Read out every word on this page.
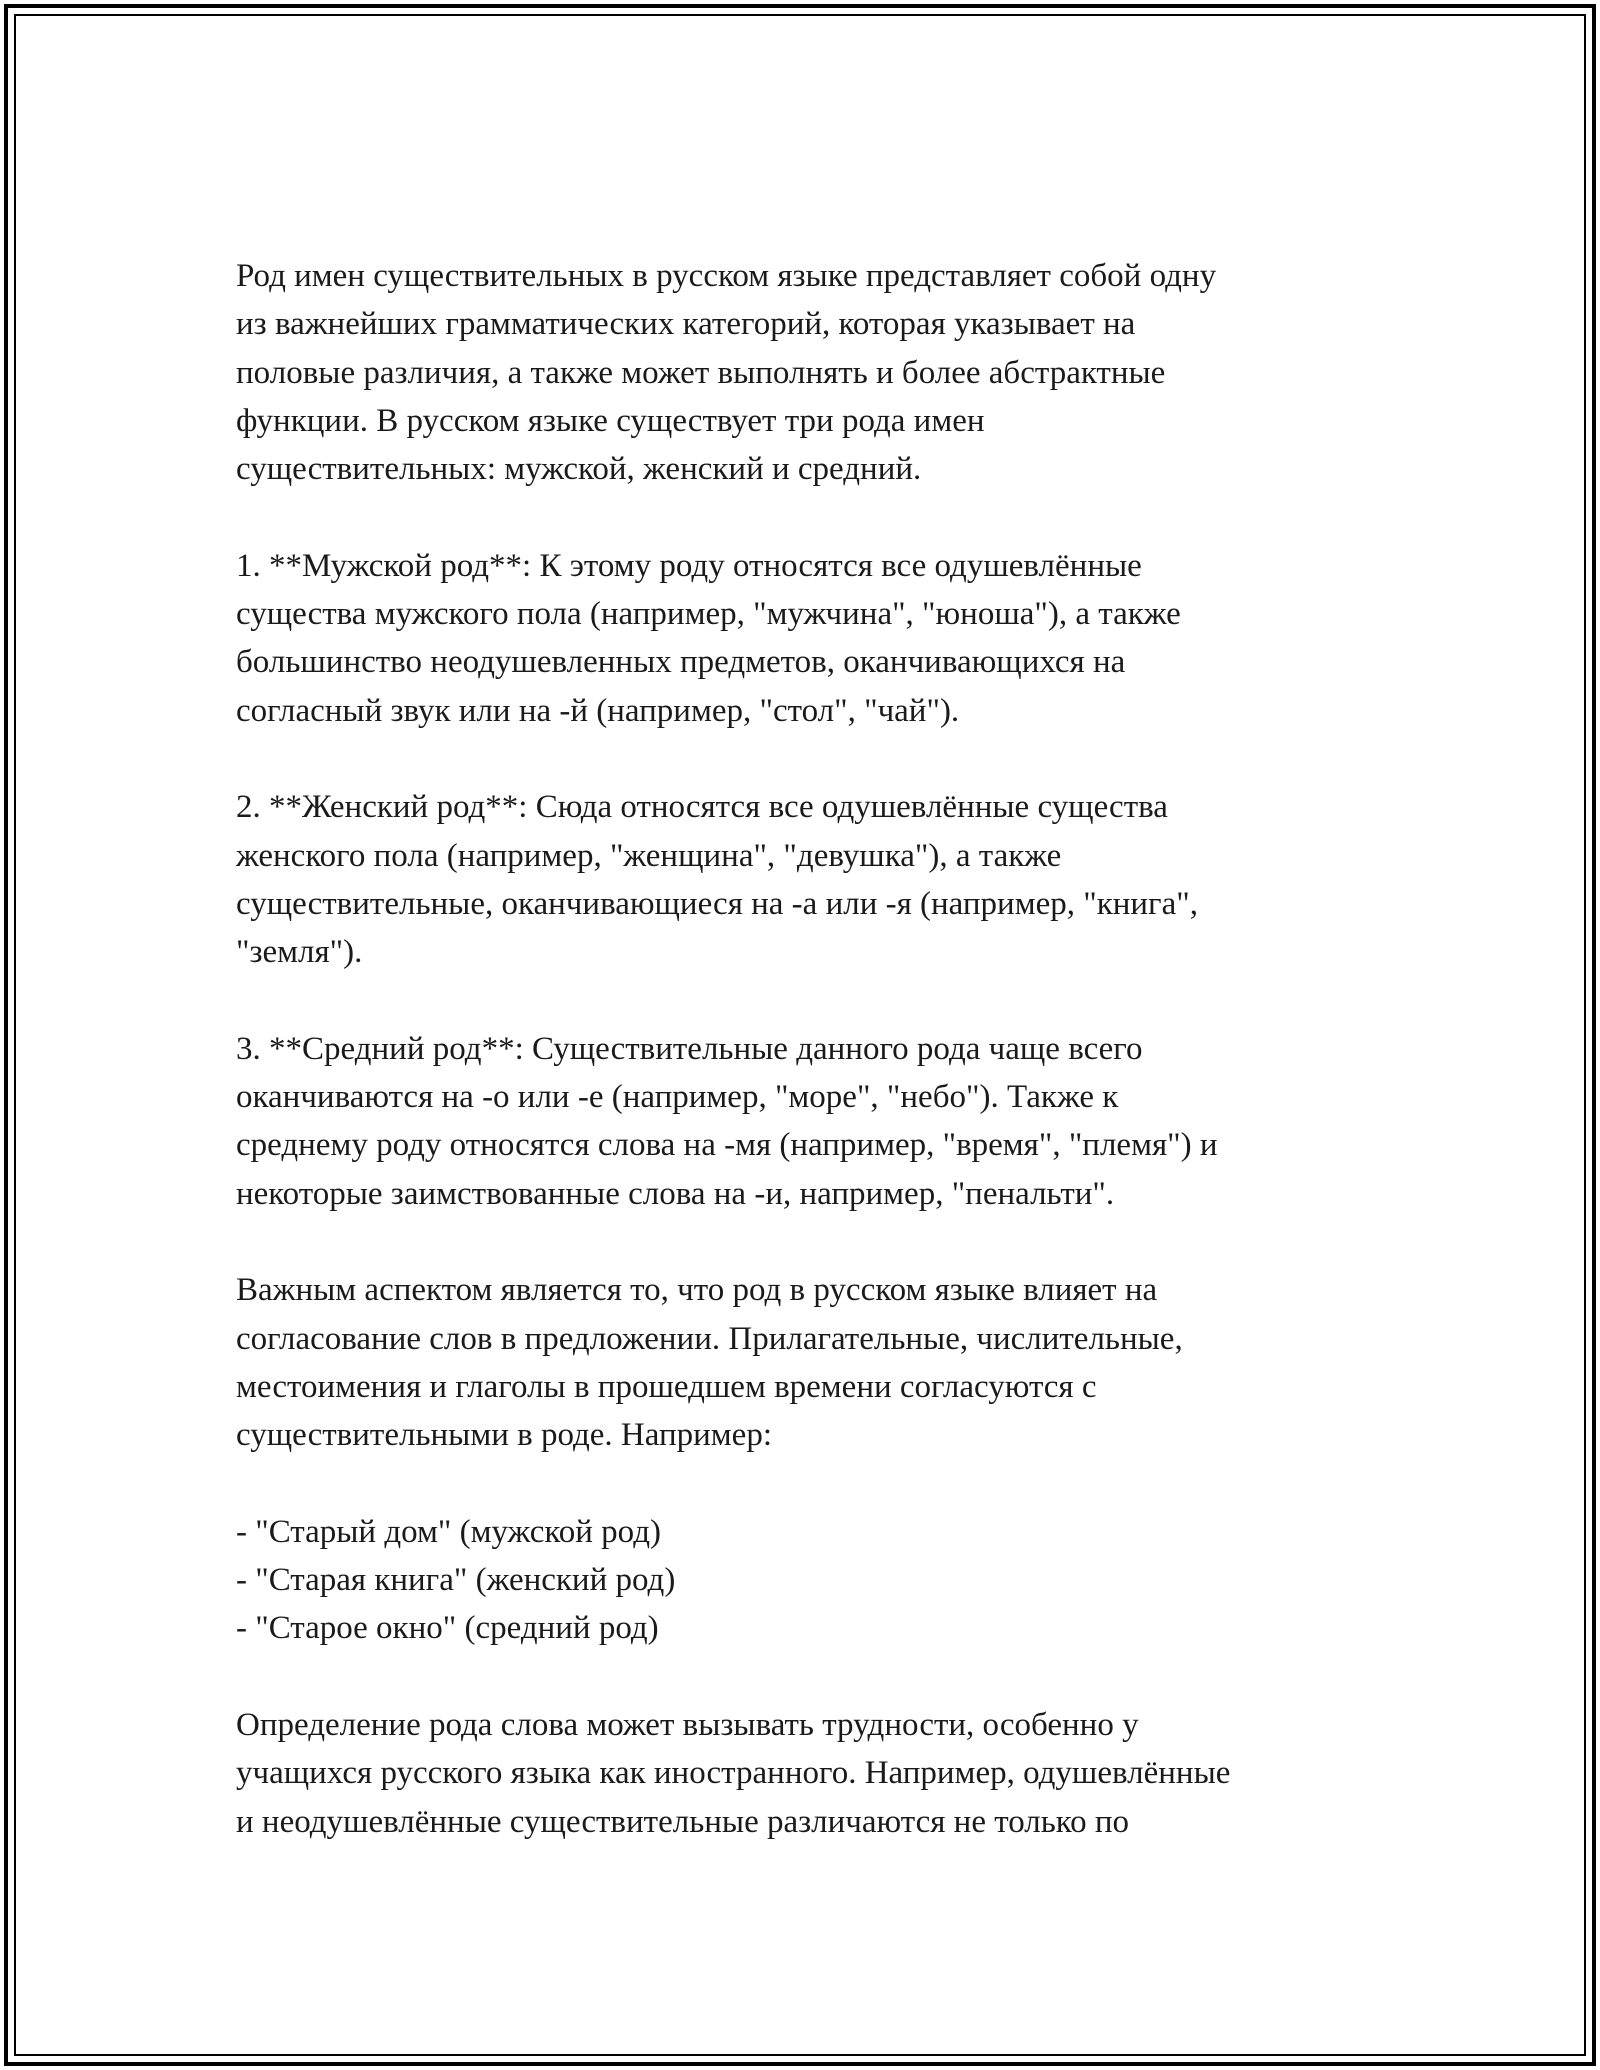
Род имен существительных в русском языке представляет собой одну
из важнейших грамматических категорий, которая указывает на
половые различия, а также может выполнять и более абстрактные
функции. В русском языке существует три рода имен
существительных: мужской, женский и средний.

1. **Мужской род**: К этому роду относятся все одушевлённые
существа мужского пола (например, "мужчина", "юноша"), а также
большинство неодушевленных предметов, оканчивающихся на
согласный звук или на -й (например, "стол", "чай").

2. **Женский род**: Сюда относятся все одушевлённые существа
женского пола (например, "женщина", "девушка"), а также
существительные, оканчивающиеся на -а или -я (например, "книга",
"земля").

3. **Средний род**: Существительные данного рода чаще всего
оканчиваются на -о или -е (например, "море", "небо"). Также к
среднему роду относятся слова на -мя (например, "время", "племя") и
некоторые заимствованные слова на -и, например, "пенальти".

Важным аспектом является то, что род в русском языке влияет на
согласование слов в предложении. Прилагательные, числительные,
местоимения и глаголы в прошедшем времени согласуются с
существительными в роде. Например:

- "Старый дом" (мужской род)
- "Старая книга" (женский род)
- "Старое окно" (средний род)

Определение рода слова может вызывать трудности, особенно у
учащихся русского языка как иностранного. Например, одушевлённые
и неодушевлённые существительные различаются не только по
